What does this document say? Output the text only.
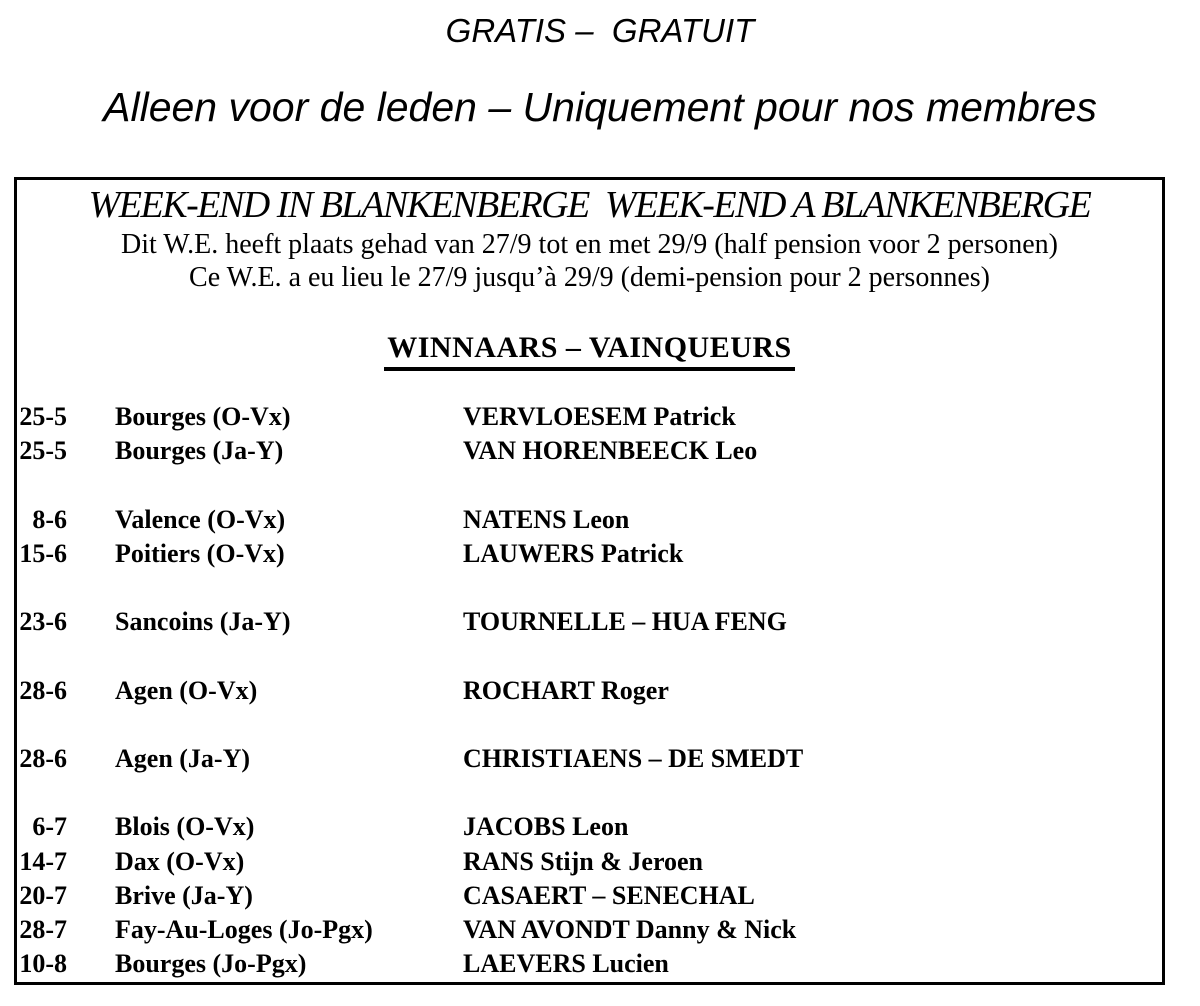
GRATIS –  GRATUIT
Alleen voor de leden – Uniquement pour nos membres
WEEK-END IN BLANKENBERGE  WEEK-END A BLANKENBERGE
Dit W.E. heeft plaats gehad van 27/9 tot en met 29/9 (half pension voor 2 personen)
Ce W.E. a eu lieu le 27/9 jusqu’à 29/9 (demi-pension pour 2 personnes)
WINNAARS – VAINQUEURS
25-5	Bourges (O-Vx)	VERVLOESEM Patrick
25-5	Bourges (Ja-Y)	VAN HORENBEECK Leo
8-6	Valence (O-Vx)	NATENS Leon
15-6	Poitiers (O-Vx)	LAUWERS Patrick
23-6	Sancoins (Ja-Y)	TOURNELLE – HUA FENG
28-6	Agen (O-Vx)	ROCHART Roger
28-6	Agen (Ja-Y)	CHRISTIAENS – DE SMEDT
6-7	Blois (O-Vx)	JACOBS Leon
14-7	Dax (O-Vx)	RANS Stijn & Jeroen
20-7	Brive (Ja-Y)	CASAERT – SENECHAL
28-7	Fay-Au-Loges (Jo-Pgx)	VAN AVONDT Danny & Nick
10-8	Bourges (Jo-Pgx)	LAEVERS Lucien
